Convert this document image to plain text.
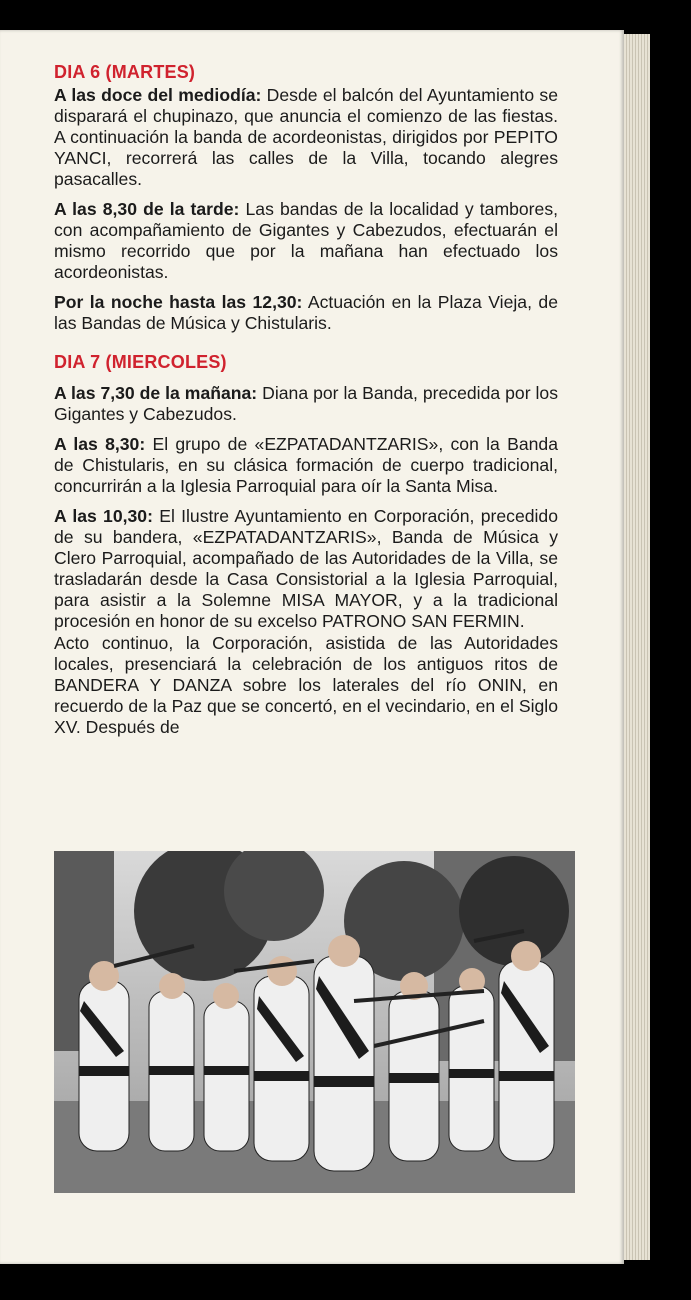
DIA 6 (MARTES)

A las doce del mediodía: Desde el balcón del Ayuntamiento se disparará el chupinazo, que anuncia el comienzo de las fiestas. A continuación la banda de acordeonistas, dirigidos por PEPITO YANCI, recorrerá las calles de la Villa, tocando alegres pasacalles.

A las 8,30 de la tarde: Las bandas de la localidad y tambores, con acompañamiento de Gigantes y Cabezudos, efectuarán el mismo recorrido que por la mañana han efectuado los acordeonistas.

Por la noche hasta las 12,30: Actuación en la Plaza Vieja, de las Bandas de Música y Chistularis.

DIA 7 (MIERCOLES)

A las 7,30 de la mañana: Diana por la Banda, precedida por los Gigantes y Cabezudos.

A las 8,30: El grupo de «EZPATADANTZARIS», con la Banda de Chistularis, en su clásica formación de cuerpo tradicional, concurrirán a la Iglesia Parroquial para oír la Santa Misa.

A las 10,30: El Ilustre Ayuntamiento en Corporación, precedido de su bandera, «EZPATADANTZARIS», Banda de Música y Clero Parroquial, acompañado de las Autoridades de la Villa, se trasladarán desde la Casa Consistorial a la Iglesia Parroquial, para asistir a la Solemne MISA MAYOR, y a la tradicional procesión en honor de su excelso PATRONO SAN FERMIN.

Acto continuo, la Corporación, asistida de las Autoridades locales, presenciará la celebración de los antiguos ritos de BANDERA Y DANZA sobre los laterales del río ONIN, en recuerdo de la Paz que se concertó, en el vecindario, en el Siglo XV. Después de
